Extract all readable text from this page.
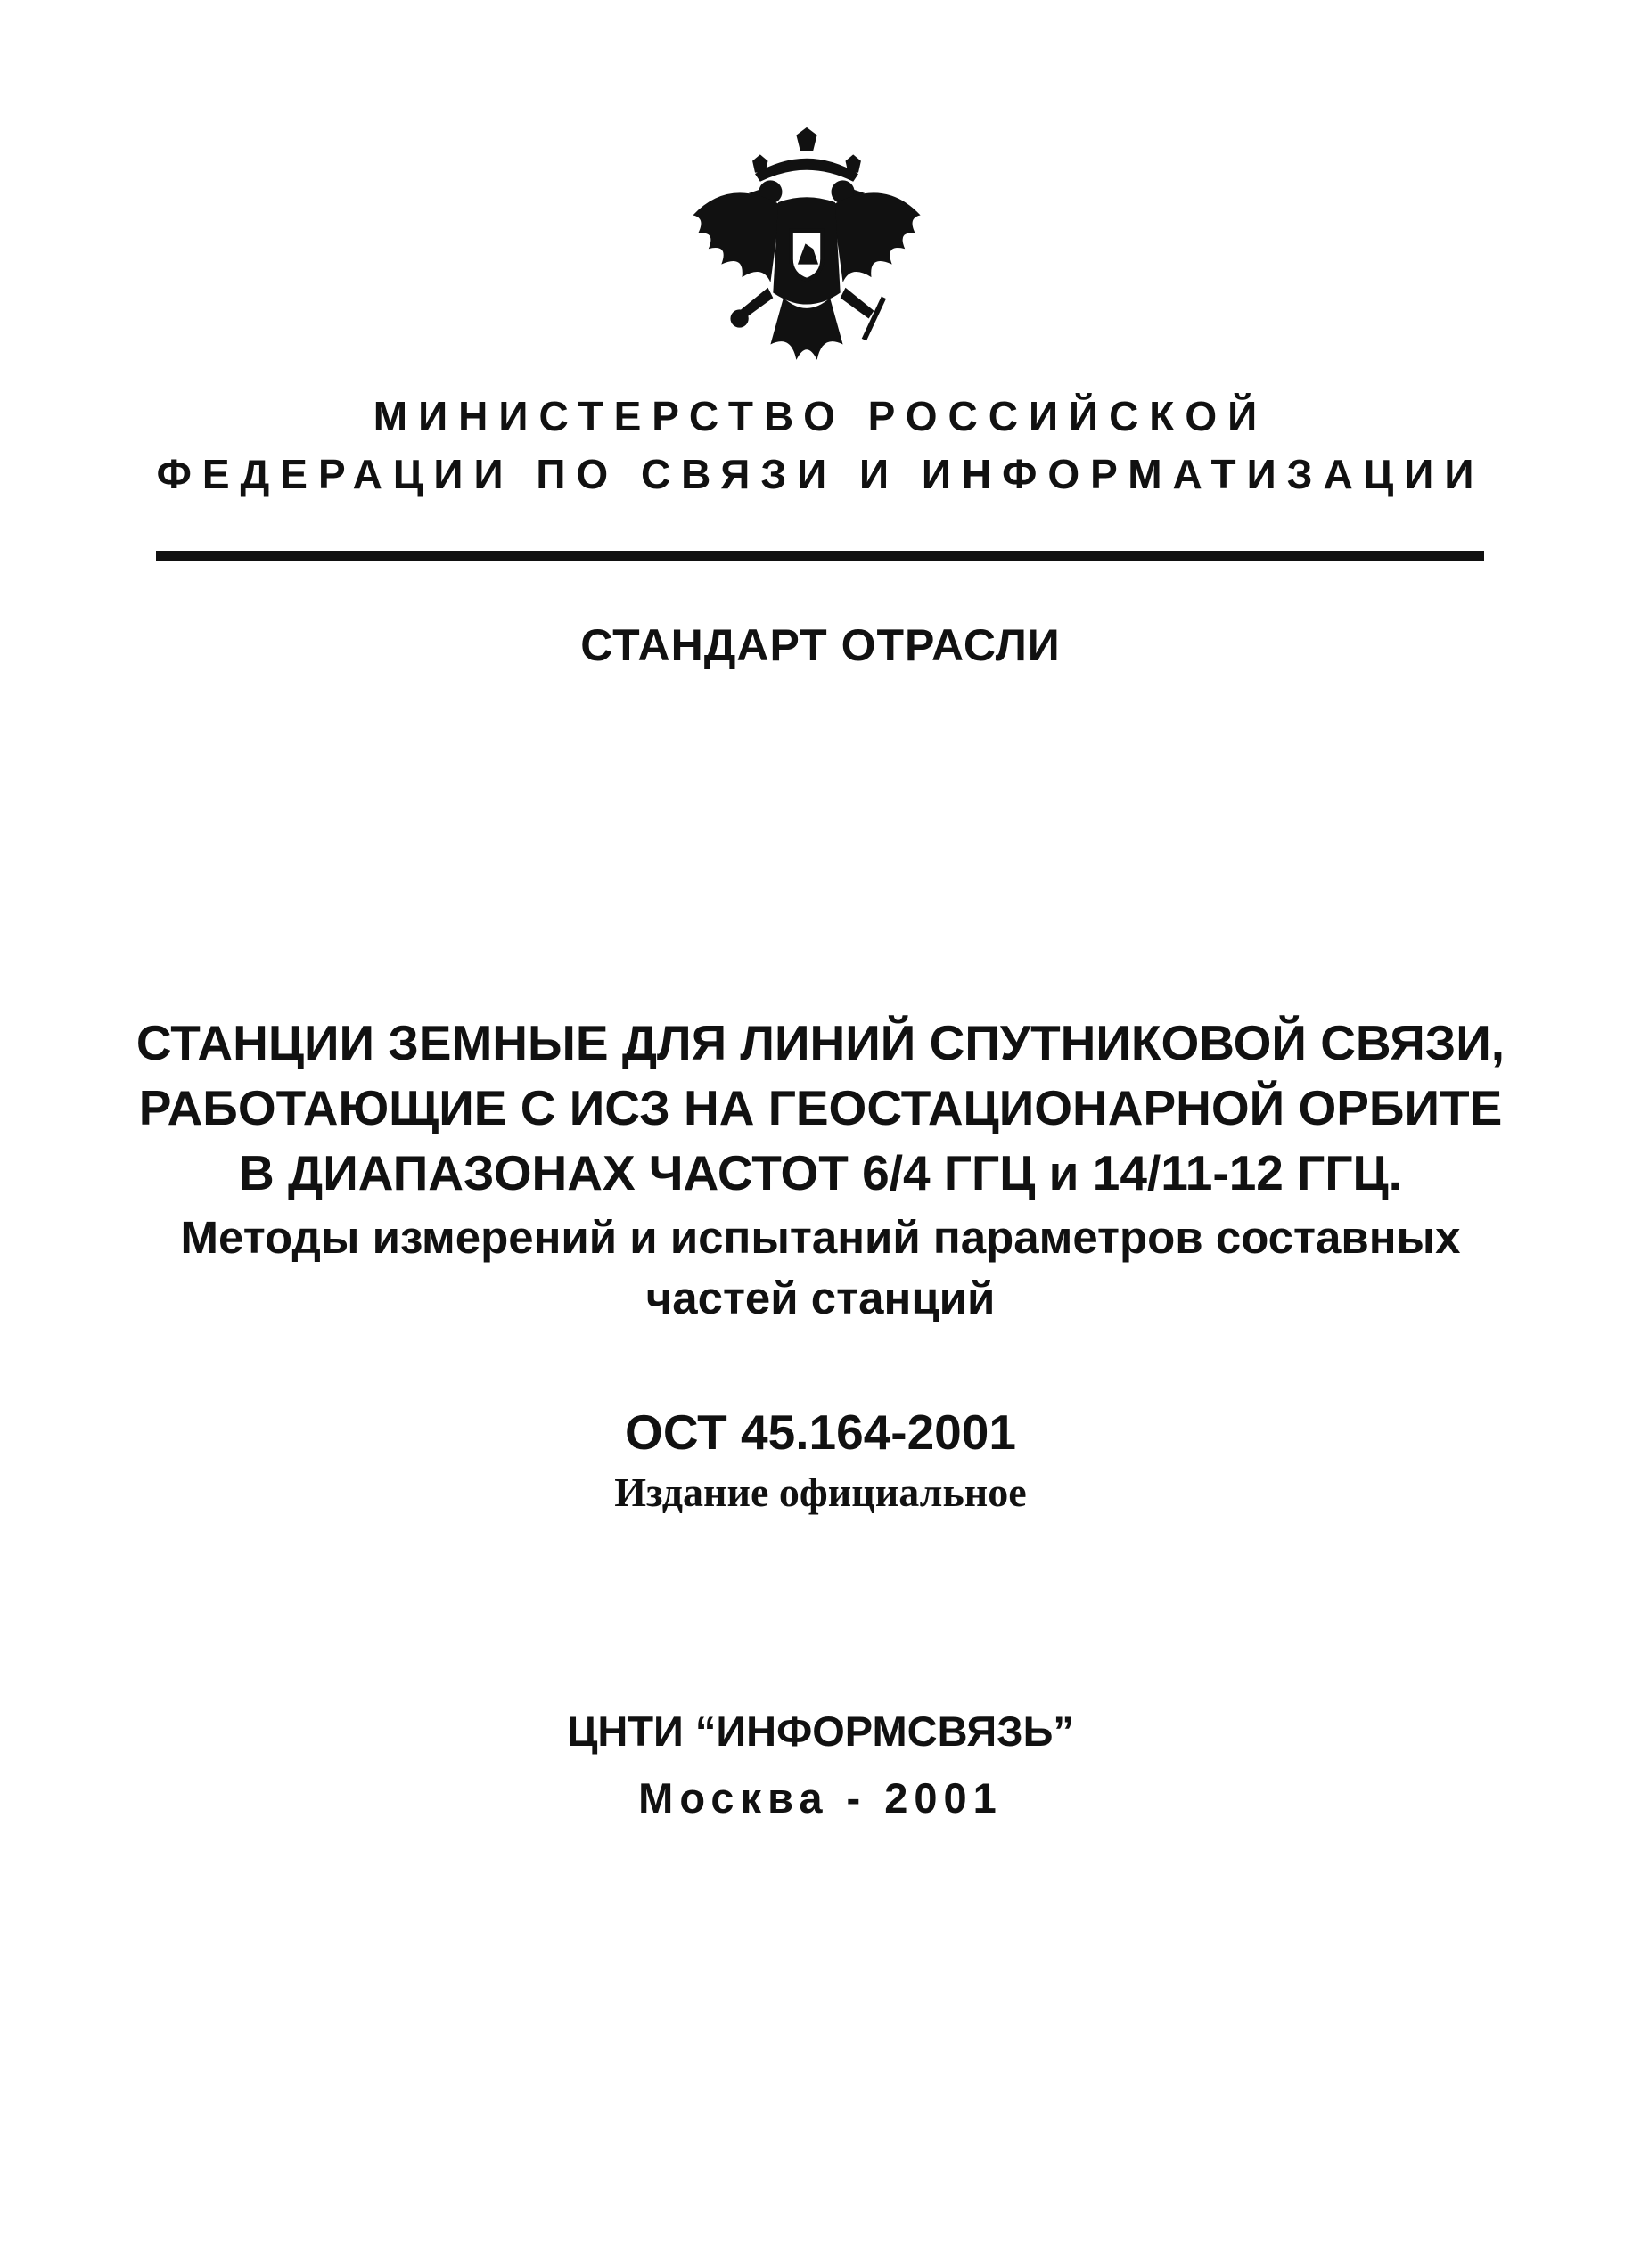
МИНИСТЕРСТВО РОССИЙСКОЙ
ФЕДЕРАЦИИ ПО СВЯЗИ И ИНФОРМАТИЗАЦИИ
СТАНДАРТ ОТРАСЛИ
СТАНЦИИ ЗЕМНЫЕ ДЛЯ ЛИНИЙ СПУТНИКОВОЙ СВЯЗИ,
РАБОТАЮЩИЕ С ИСЗ НА ГЕОСТАЦИОНАРНОЙ ОРБИТЕ
В ДИАПАЗОНАХ ЧАСТОТ 6/4 ГГЦ и 14/11-12 ГГЦ.
Методы измерений и испытаний параметров составных
частей станций
ОСТ 45.164-2001
Издание официальное
ЦНТИ “ИНФОРМСВЯЗЬ”
Москва - 2001
